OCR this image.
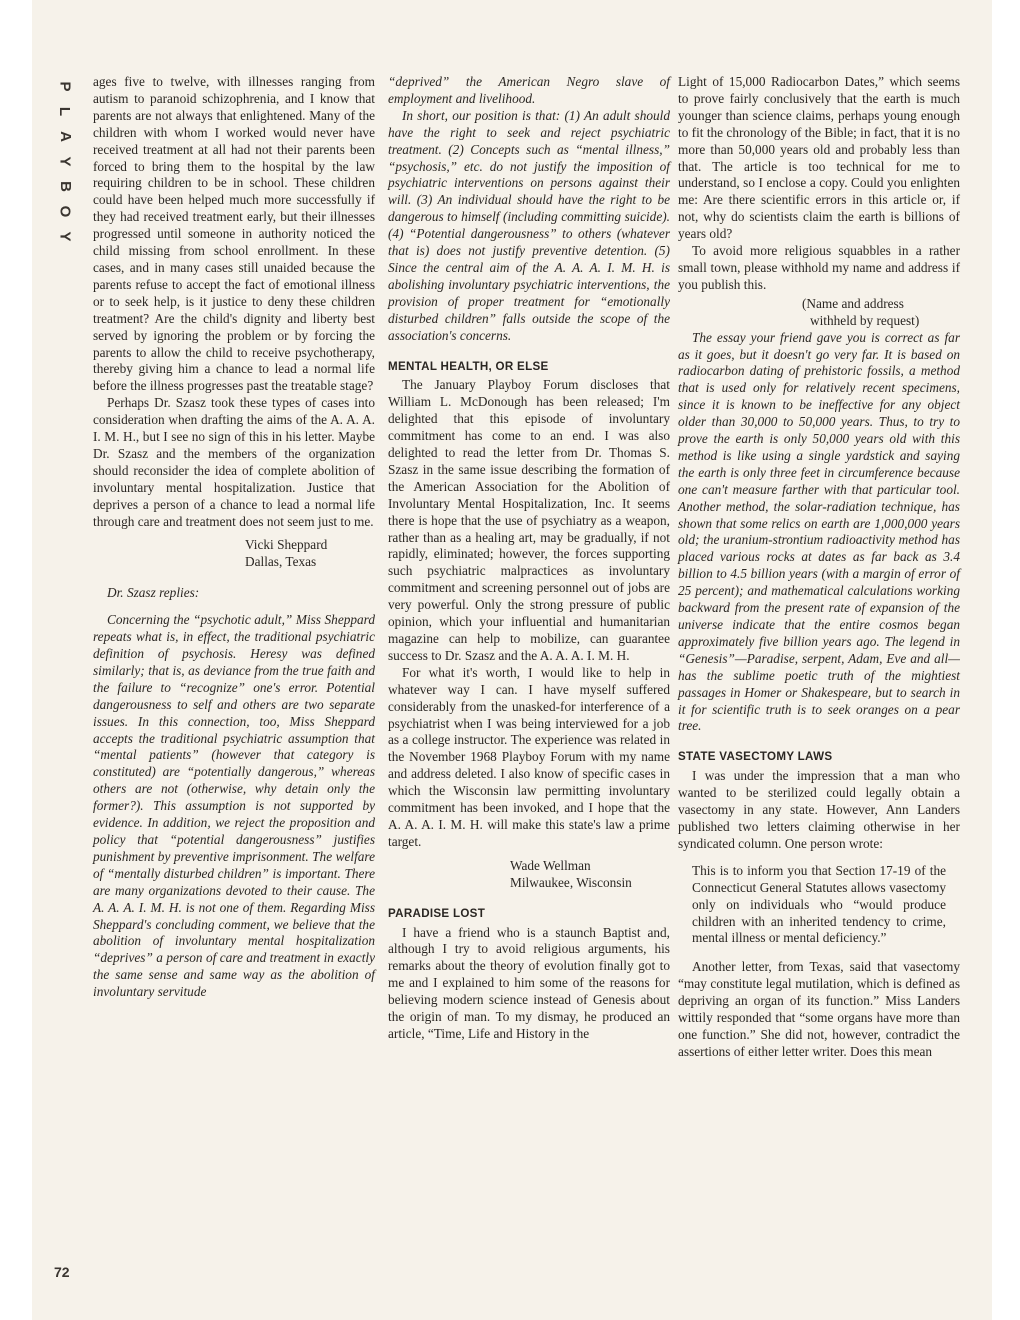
P
L
A
Y
B
O
Y
72

ages five to twelve, with illnesses ranging from autism to paranoid schizophrenia, and I know that parents are not always that enlightened. Many of the children with whom I worked would never have received treatment at all had not their parents been forced to bring them to the hospital by the law requiring children to be in school. These children could have been helped much more successfully if they had received treatment early, but their illnesses progressed until someone in authority noticed the child missing from school enrollment. In these cases, and in many cases still unaided because the parents refuse to accept the fact of emotional illness or to seek help, is it justice to deny these children treatment? Are the child's dignity and liberty best served by ignoring the problem or by forcing the parents to allow the child to receive psychotherapy, thereby giving him a chance to lead a normal life before the illness progresses past the treatable stage?

Perhaps Dr. Szasz took these types of cases into consideration when drafting the aims of the A. A. A. I. M. H., but I see no sign of this in his letter. Maybe Dr. Szasz and the members of the organization should reconsider the idea of complete abolition of involuntary mental hospitalization. Justice that deprives a person of a chance to lead a normal life through care and treatment does not seem just to me.

Vicki Sheppard
Dallas, Texas
Dr. Szasz replies:

Concerning the “psychotic adult,” Miss Sheppard repeats what is, in effect, the traditional psychiatric definition of psychosis. Heresy was defined similarly; that is, as deviance from the true faith and the failure to “recognize” one's error. Potential dangerousness to self and others are two separate issues. In this connection, too, Miss Sheppard accepts the traditional psychiatric assumption that “mental patients” (however that category is constituted) are “potentially dangerous,” whereas others are not (otherwise, why detain only the former?). This assumption is not supported by evidence. In addition, we reject the proposition and policy that “potential dangerousness” justifies punishment by preventive imprisonment. The welfare of “mentally disturbed children” is important. There are many organizations devoted to their cause. The A. A. A. I. M. H. is not one of them. Regarding Miss Sheppard's concluding comment, we believe that the abolition of involuntary mental hospitalization “deprives” a person of care and treatment in exactly the same sense and same way as the abolition of involuntary servitude

“deprived” the American Negro slave of employment and livelihood.

In short, our position is that: (1) An adult should have the right to seek and reject psychiatric treatment. (2) Concepts such as “mental illness,” “psychosis,” etc. do not justify the imposition of psychiatric interventions on persons against their will. (3) An individual should have the right to be dangerous to himself (including committing suicide). (4) “Potential dangerousness” to others (whatever that is) does not justify preventive detention. (5) Since the central aim of the A. A. A. I. M. H. is abolishing involuntary psychiatric interventions, the provision of proper treatment for “emotionally disturbed children” falls outside the scope of the association's concerns.

MENTAL HEALTH, OR ELSE

The January Playboy Forum discloses that William L. McDonough has been released; I'm delighted that this episode of involuntary commitment has come to an end. I was also delighted to read the letter from Dr. Thomas S. Szasz in the same issue describing the formation of the American Association for the Abolition of Involuntary Mental Hospitalization, Inc. It seems there is hope that the use of psychiatry as a weapon, rather than as a healing art, may be gradually, if not rapidly, eliminated; however, the forces supporting such psychiatric malpractices as involuntary commitment and screening personnel out of jobs are very powerful. Only the strong pressure of public opinion, which your influential and humanitarian magazine can help to mobilize, can guarantee success to Dr. Szasz and the A. A. A. I. M. H.

For what it's worth, I would like to help in whatever way I can. I have myself suffered considerably from the unasked-for interference of a psychiatrist when I was being interviewed for a job as a college instructor. The experience was related in the November 1968 Playboy Forum with my name and address deleted. I also know of specific cases in which the Wisconsin law permitting involuntary commitment has been invoked, and I hope that the A. A. A. I. M. H. will make this state's law a prime target.

Wade Wellman
Milwaukee, Wisconsin
PARADISE LOST

I have a friend who is a staunch Baptist and, although I try to avoid religious arguments, his remarks about the theory of evolution finally got to me and I explained to him some of the reasons for believing modern science instead of Genesis about the origin of man. To my dismay, he produced an article, “Time, Life and History in the

Light of 15,000 Radiocarbon Dates,” which seems to prove fairly conclusively that the earth is much younger than science claims, perhaps young enough to fit the chronology of the Bible; in fact, that it is no more than 50,000 years old and probably less than that. The article is too technical for me to understand, so I enclose a copy. Could you enlighten me: Are there scientific errors in this article or, if not, why do scientists claim the earth is billions of years old?

To avoid more religious squabbles in a rather small town, please withhold my name and address if you publish this.

(Name and address
withheld by request)

The essay your friend gave you is correct as far as it goes, but it doesn't go very far. It is based on radiocarbon dating of prehistoric fossils, a method that is used only for relatively recent specimens, since it is known to be ineffective for any object older than 30,000 to 50,000 years. Thus, to try to prove the earth is only 50,000 years old with this method is like using a single yardstick and saying the earth is only three feet in circumference because one can't measure farther with that particular tool. Another method, the solar-radiation technique, has shown that some relics on earth are 1,000,000 years old; the uranium-strontium radioactivity method has placed various rocks at dates as far back as 3.4 billion to 4.5 billion years (with a margin of error of 25 percent); and mathematical calculations working backward from the present rate of expansion of the universe indicate that the entire cosmos began approximately five billion years ago. The legend in “Genesis”—Paradise, serpent, Adam, Eve and all—has the sublime poetic truth of the mightiest passages in Homer or Shakespeare, but to search in it for scientific truth is to seek oranges on a pear tree.

STATE VASECTOMY LAWS

I was under the impression that a man who wanted to be sterilized could legally obtain a vasectomy in any state. However, Ann Landers published two letters claiming otherwise in her syndicated column. One person wrote:

This is to inform you that Section 17-19 of the Connecticut General Statutes allows vasectomy only on individuals who “would produce children with an inherited tendency to crime, mental illness or mental deficiency.”

Another letter, from Texas, said that vasectomy “may constitute legal mutilation, which is defined as depriving an organ of its function.” Miss Landers wittily responded that “some organs have more than one function.” She did not, however, contradict the assertions of either letter writer. Does this mean
